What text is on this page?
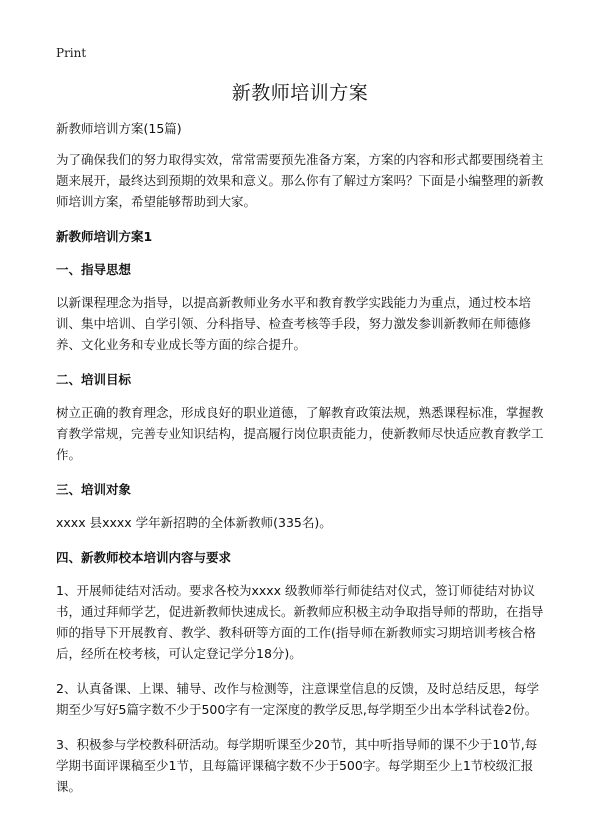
Print
新教师培训方案

新教师培训方案(15篇)

为了确保我们的努力取得实效，常常需要预先准备方案，方案的内容和形式都要围绕着主题来展开，最终达到预期的效果和意义。那么你有了解过方案吗？下面是小编整理的新教师培训方案，希望能够帮助到大家。

新教师培训方案1

一、指导思想

以新课程理念为指导，以提高新教师业务水平和教育教学实践能力为重点，通过校本培训、集中培训、自学引领、分科指导、检查考核等手段，努力激发参训新教师在师德修养、文化业务和专业成长等方面的综合提升。

二、培训目标

树立正确的教育理念，形成良好的职业道德，了解教育政策法规，熟悉课程标准，掌握教育教学常规，完善专业知识结构，提高履行岗位职责能力，使新教师尽快适应教育教学工作。

三、培训对象

xxxx 县xxxx 学年新招聘的全体新教师(335名)。

四、新教师校本培训内容与要求

1、开展师徒结对活动。要求各校为xxxx 级教师举行师徒结对仪式，签订师徒结对协议书，通过拜师学艺，促进新教师快速成长。新教师应积极主动争取指导师的帮助，在指导师的指导下开展教育、教学、教科研等方面的工作(指导师在新教师实习期培训考核合格后，经所在校考核，可认定登记学分18分)。

2、认真备课、上课、辅导、改作与检测等，注意课堂信息的反馈，及时总结反思，每学期至少写好5篇字数不少于500字有一定深度的教学反思,每学期至少出本学科试卷2份。

3、积极参与学校教科研活动。每学期听课至少20节，其中听指导师的课不少于10节,每学期书面评课稿至少1节，且每篇评课稿字数不少于500字。每学期至少上1节校级汇报课。
